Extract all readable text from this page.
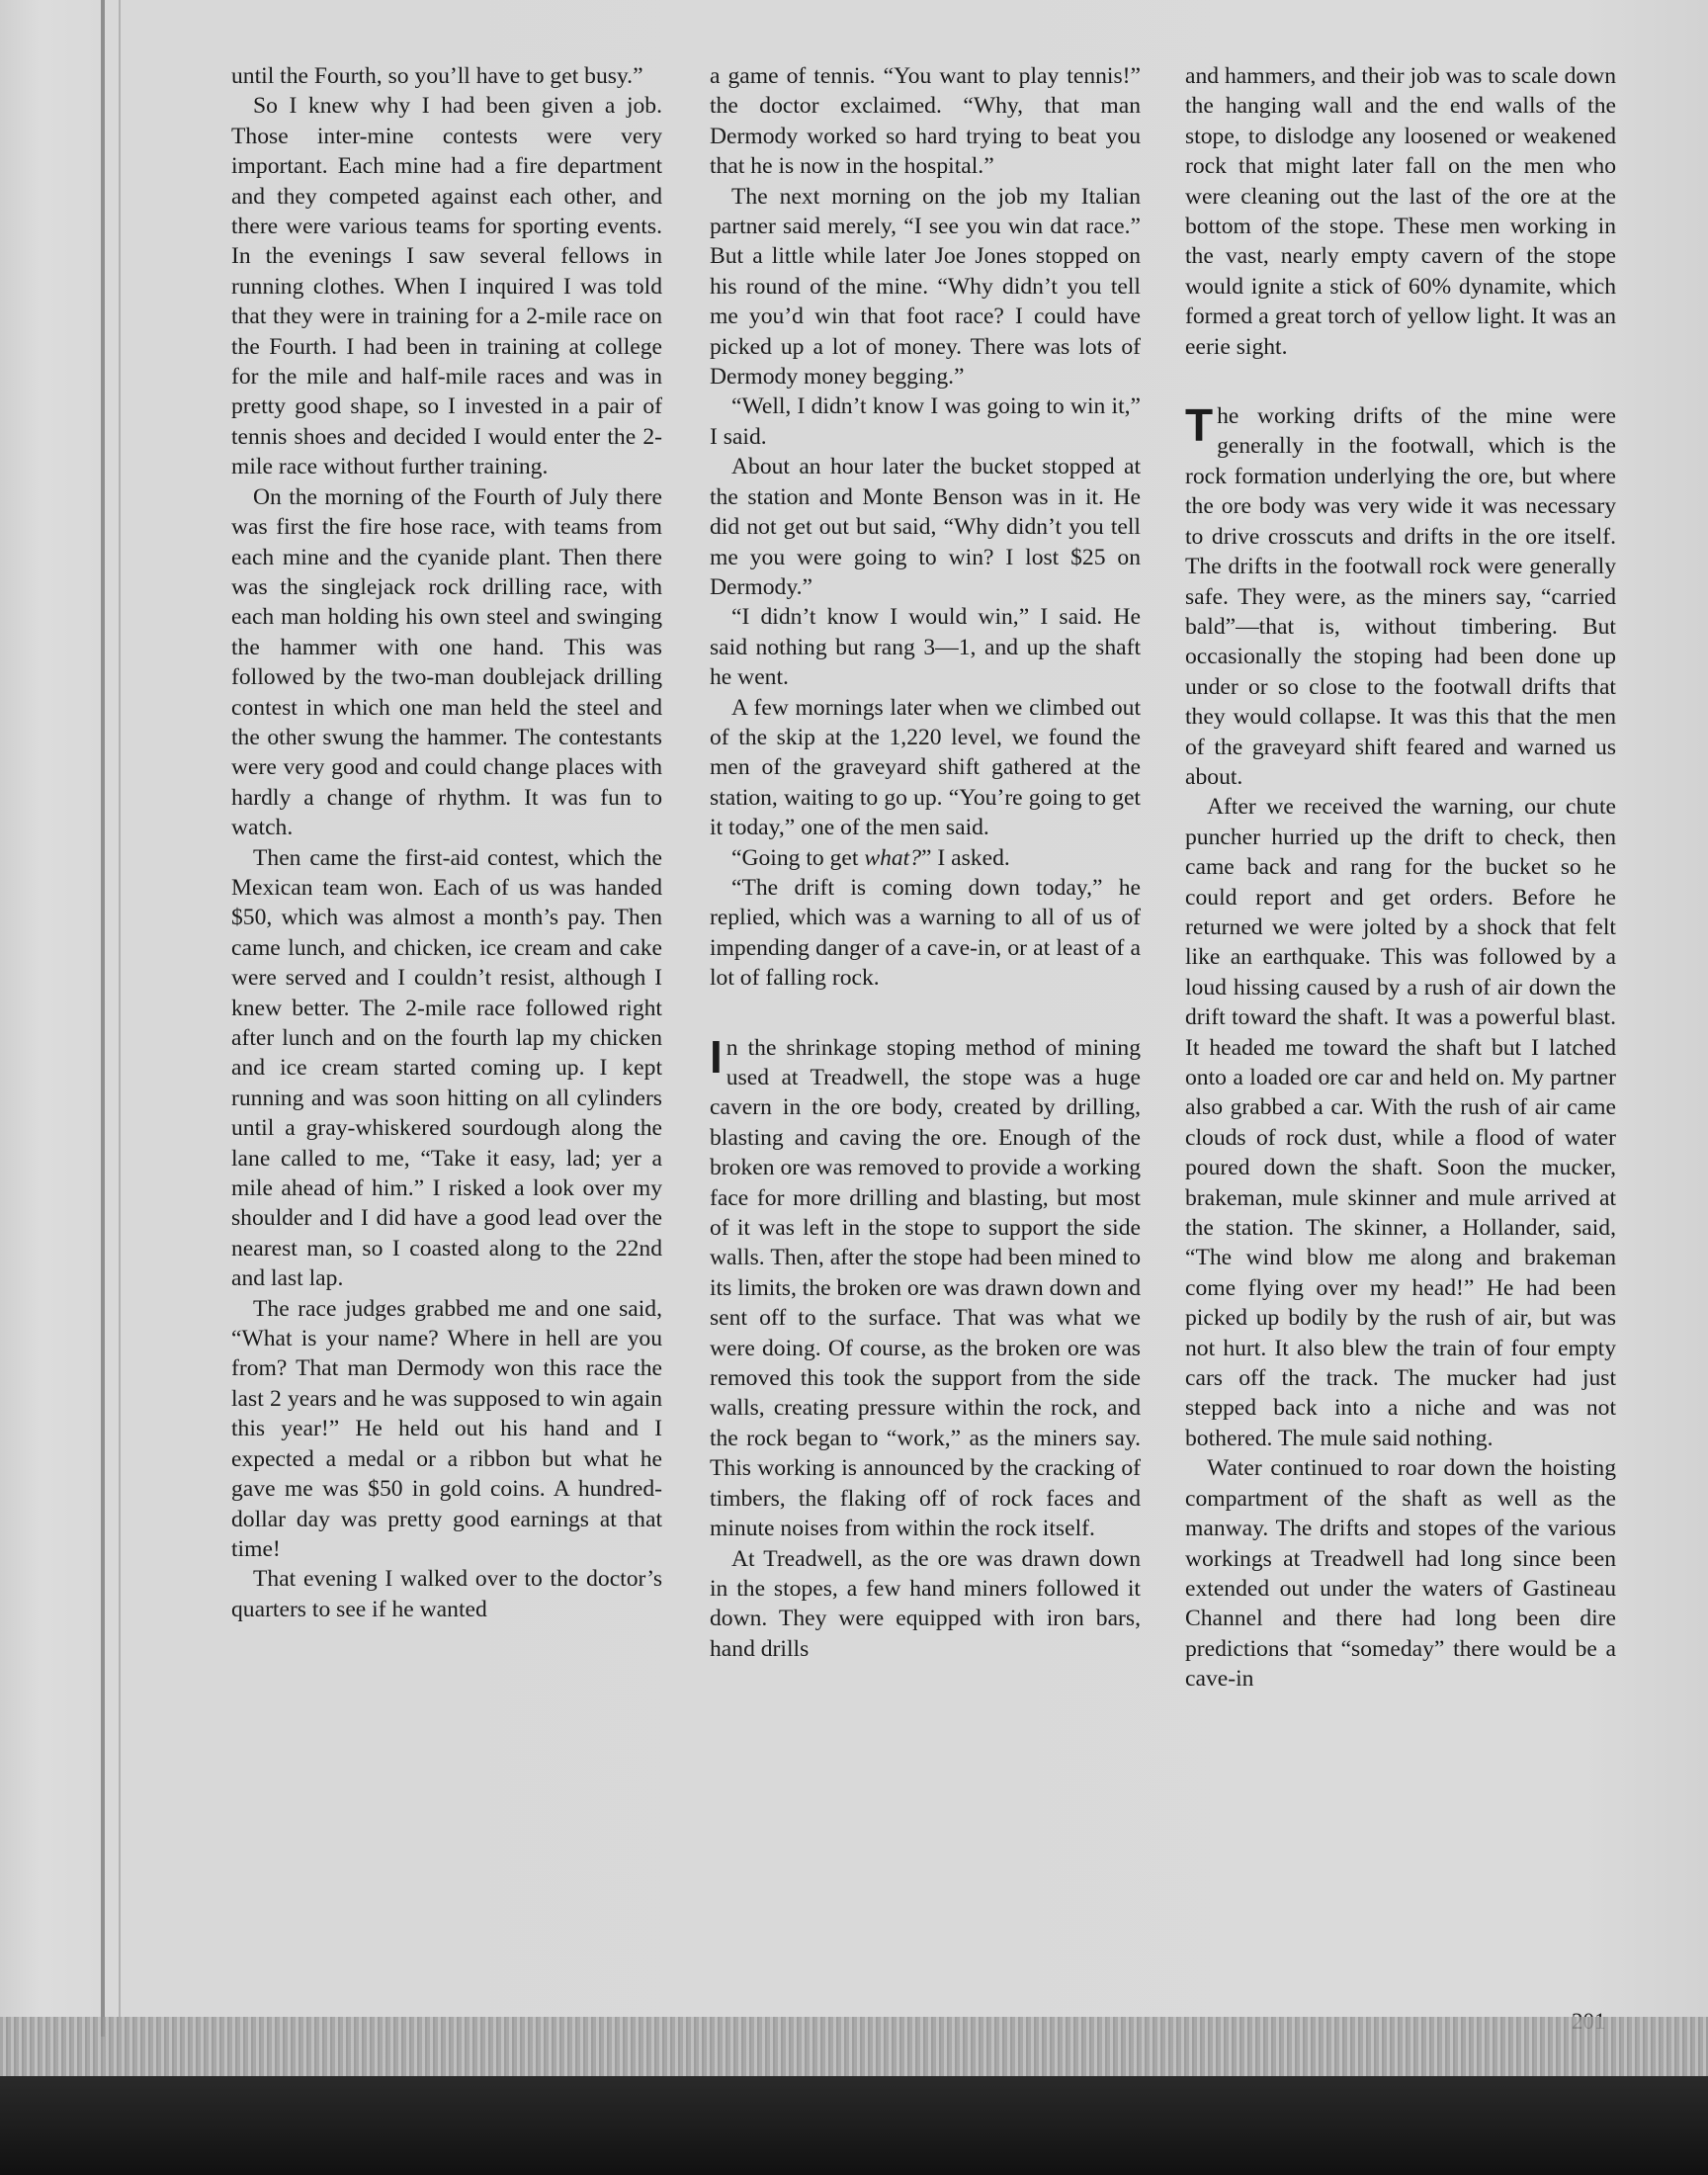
until the Fourth, so you’ll have to get busy.”

So I knew why I had been given a job. Those inter-mine contests were very important. Each mine had a fire department and they competed against each other, and there were various teams for sporting events. In the evenings I saw several fellows in running clothes. When I inquired I was told that they were in training for a 2-mile race on the Fourth. I had been in training at college for the mile and half-mile races and was in pretty good shape, so I invested in a pair of tennis shoes and decided I would enter the 2-mile race without further training.

On the morning of the Fourth of July there was first the fire hose race, with teams from each mine and the cyanide plant. Then there was the singlejack rock drilling race, with each man holding his own steel and swinging the hammer with one hand. This was followed by the two-man doublejack drilling contest in which one man held the steel and the other swung the hammer. The contestants were very good and could change places with hardly a change of rhythm. It was fun to watch.

Then came the first-aid contest, which the Mexican team won. Each of us was handed $50, which was almost a month’s pay. Then came lunch, and chicken, ice cream and cake were served and I couldn’t resist, although I knew better. The 2-mile race followed right after lunch and on the fourth lap my chicken and ice cream started coming up. I kept running and was soon hitting on all cylinders until a gray-whiskered sourdough along the lane called to me, “Take it easy, lad; yer a mile ahead of him.” I risked a look over my shoulder and I did have a good lead over the nearest man, so I coasted along to the 22nd and last lap.

The race judges grabbed me and one said, “What is your name? Where in hell are you from? That man Dermody won this race the last 2 years and he was supposed to win again this year!” He held out his hand and I expected a medal or a ribbon but what he gave me was $50 in gold coins. A hundred-dollar day was pretty good earnings at that time!

That evening I walked over to the doctor’s quarters to see if he wanted

a game of tennis. “You want to play tennis!” the doctor exclaimed. “Why, that man Dermody worked so hard trying to beat you that he is now in the hospital.”

The next morning on the job my Italian partner said merely, “I see you win dat race.” But a little while later Joe Jones stopped on his round of the mine. “Why didn’t you tell me you’d win that foot race? I could have picked up a lot of money. There was lots of Dermody money begging.”

“Well, I didn’t know I was going to win it,” I said.

About an hour later the bucket stopped at the station and Monte Benson was in it. He did not get out but said, “Why didn’t you tell me you were going to win? I lost $25 on Dermody.”

“I didn’t know I would win,” I said. He said nothing but rang 3—1, and up the shaft he went.

A few mornings later when we climbed out of the skip at the 1,220 level, we found the men of the graveyard shift gathered at the station, waiting to go up. “You’re going to get it today,” one of the men said.

“Going to get what?” I asked.

“The drift is coming down today,” he replied, which was a warning to all of us of impending danger of a cave-in, or at least of a lot of falling rock.

In the shrinkage stoping method of mining used at Treadwell, the stope was a huge cavern in the ore body, created by drilling, blasting and caving the ore. Enough of the broken ore was removed to provide a working face for more drilling and blasting, but most of it was left in the stope to support the side walls. Then, after the stope had been mined to its limits, the broken ore was drawn down and sent off to the surface. That was what we were doing. Of course, as the broken ore was removed this took the support from the side walls, creating pressure within the rock, and the rock began to “work,” as the miners say. This working is announced by the cracking of timbers, the flaking off of rock faces and minute noises from within the rock itself.

At Treadwell, as the ore was drawn down in the stopes, a few hand miners followed it down. They were equipped with iron bars, hand drills

and hammers, and their job was to scale down the hanging wall and the end walls of the stope, to dislodge any loosened or weakened rock that might later fall on the men who were cleaning out the last of the ore at the bottom of the stope. These men working in the vast, nearly empty cavern of the stope would ignite a stick of 60% dynamite, which formed a great torch of yellow light. It was an eerie sight.

The working drifts of the mine were generally in the footwall, which is the rock formation underlying the ore, but where the ore body was very wide it was necessary to drive crosscuts and drifts in the ore itself. The drifts in the footwall rock were generally safe. They were, as the miners say, “carried bald”—that is, without timbering. But occasionally the stoping had been done up under or so close to the footwall drifts that they would collapse. It was this that the men of the graveyard shift feared and warned us about.

After we received the warning, our chute puncher hurried up the drift to check, then came back and rang for the bucket so he could report and get orders. Before he returned we were jolted by a shock that felt like an earthquake. This was followed by a loud hissing caused by a rush of air down the drift toward the shaft. It was a powerful blast. It headed me toward the shaft but I latched onto a loaded ore car and held on. My partner also grabbed a car. With the rush of air came clouds of rock dust, while a flood of water poured down the shaft. Soon the mucker, brakeman, mule skinner and mule arrived at the station. The skinner, a Hollander, said, “The wind blow me along and brakeman come flying over my head!” He had been picked up bodily by the rush of air, but was not hurt. It also blew the train of four empty cars off the track. The mucker had just stepped back into a niche and was not bothered. The mule said nothing.

Water continued to roar down the hoisting compartment of the shaft as well as the manway. The drifts and stopes of the various workings at Treadwell had long since been extended out under the waters of Gastineau Channel and there had long been dire predictions that “someday” there would be a cave-in
